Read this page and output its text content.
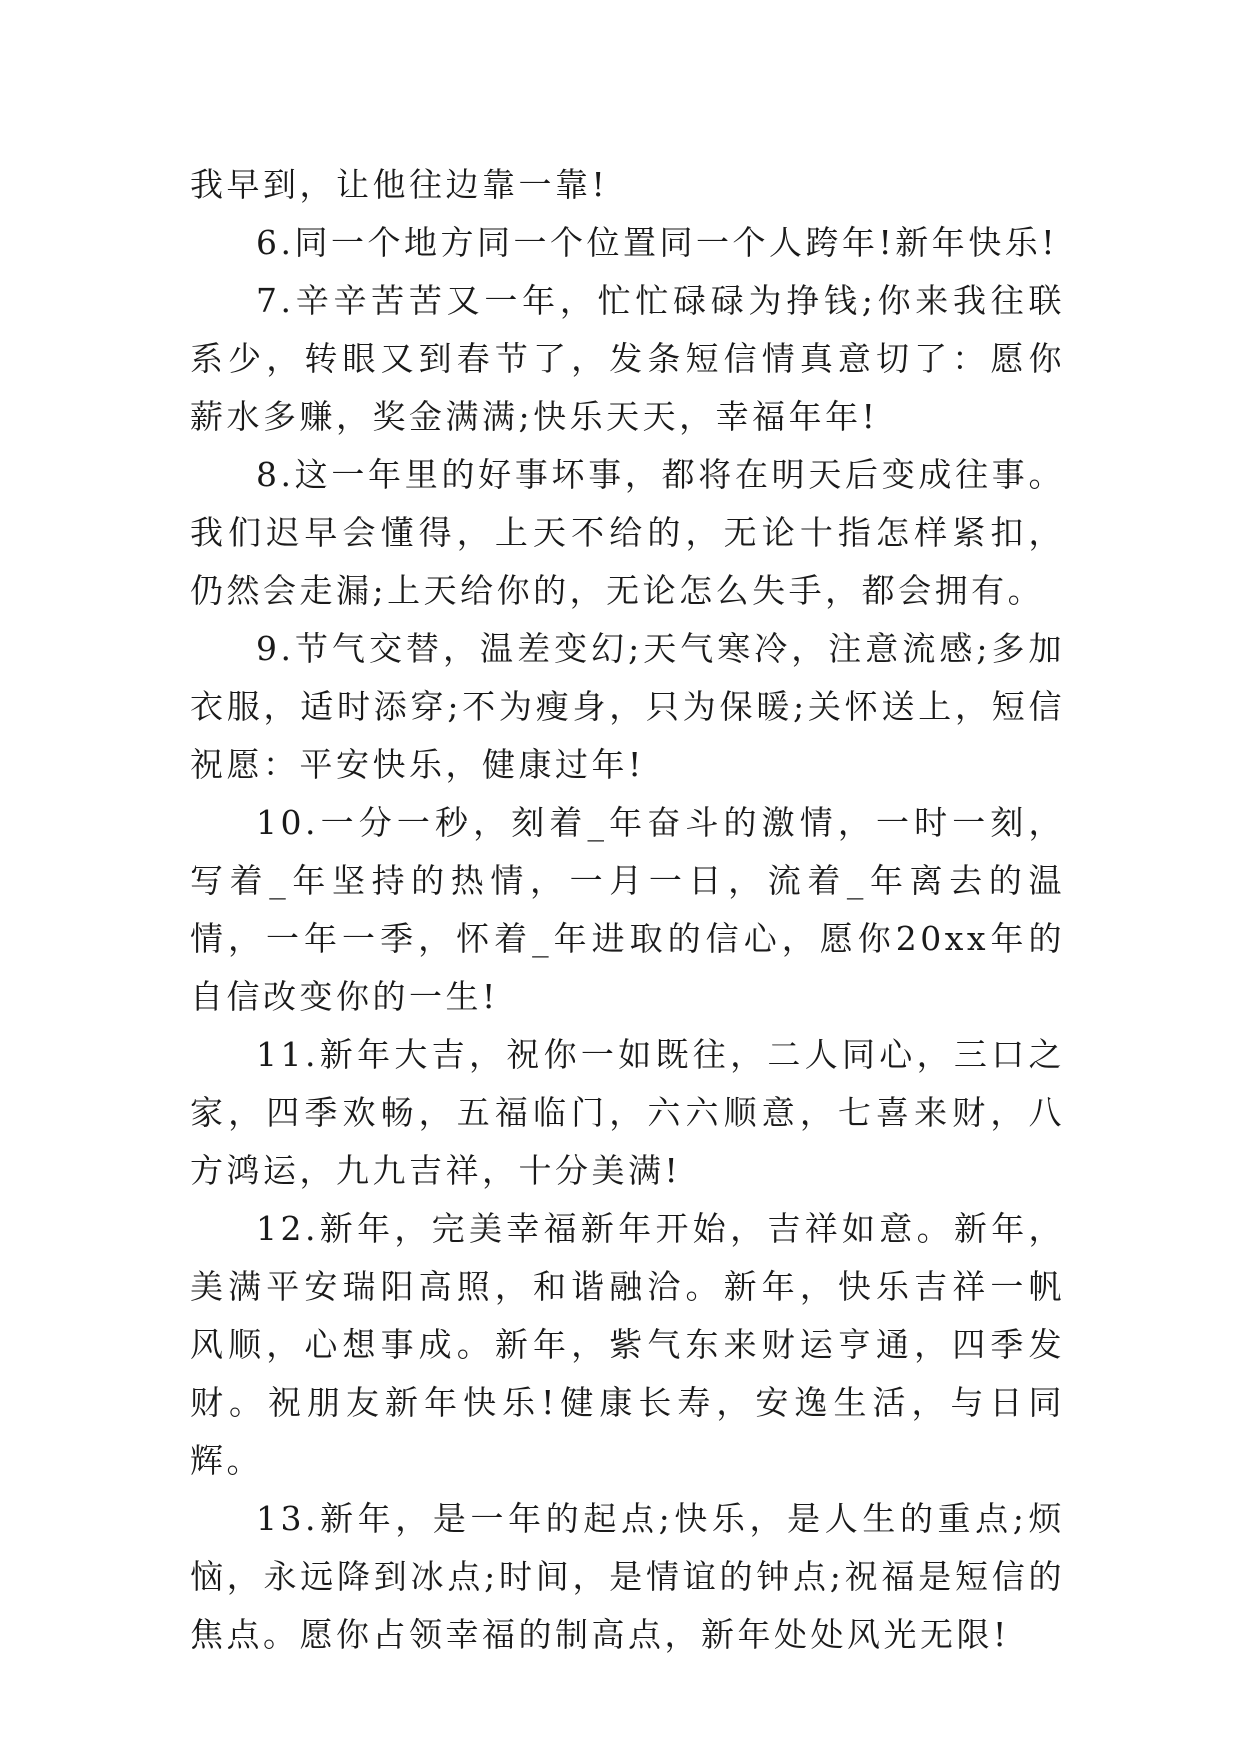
我早到，让他往边靠一靠!

6.同一个地方同一个位置同一个人跨年!新年快乐!

7.辛辛苦苦又一年，忙忙碌碌为挣钱;你来我往联系少，转眼又到春节了，发条短信情真意切了：愿你薪水多赚，奖金满满;快乐天天，幸福年年!

8.这一年里的好事坏事，都将在明天后变成往事。我们迟早会懂得，上天不给的，无论十指怎样紧扣，仍然会走漏;上天给你的，无论怎么失手，都会拥有。

9.节气交替，温差变幻;天气寒冷，注意流感;多加衣服，适时添穿;不为瘦身，只为保暖;关怀送上，短信祝愿：平安快乐，健康过年!

10.一分一秒，刻着_年奋斗的激情，一时一刻，写着_年坚持的热情，一月一日，流着_年离去的温情，一年一季，怀着_年进取的信心，愿你20xx年的自信改变你的一生!

11.新年大吉，祝你一如既往，二人同心，三口之家，四季欢畅，五福临门，六六顺意，七喜来财，八方鸿运，九九吉祥，十分美满!

12.新年，完美幸福新年开始，吉祥如意。新年，美满平安瑞阳高照，和谐融洽。新年，快乐吉祥一帆风顺，心想事成。新年，紫气东来财运亨通，四季发财。祝朋友新年快乐!健康长寿，安逸生活，与日同辉。

13.新年，是一年的起点;快乐，是人生的重点;烦恼，永远降到冰点;时间，是情谊的钟点;祝福是短信的焦点。愿你占领幸福的制高点，新年处处风光无限!
